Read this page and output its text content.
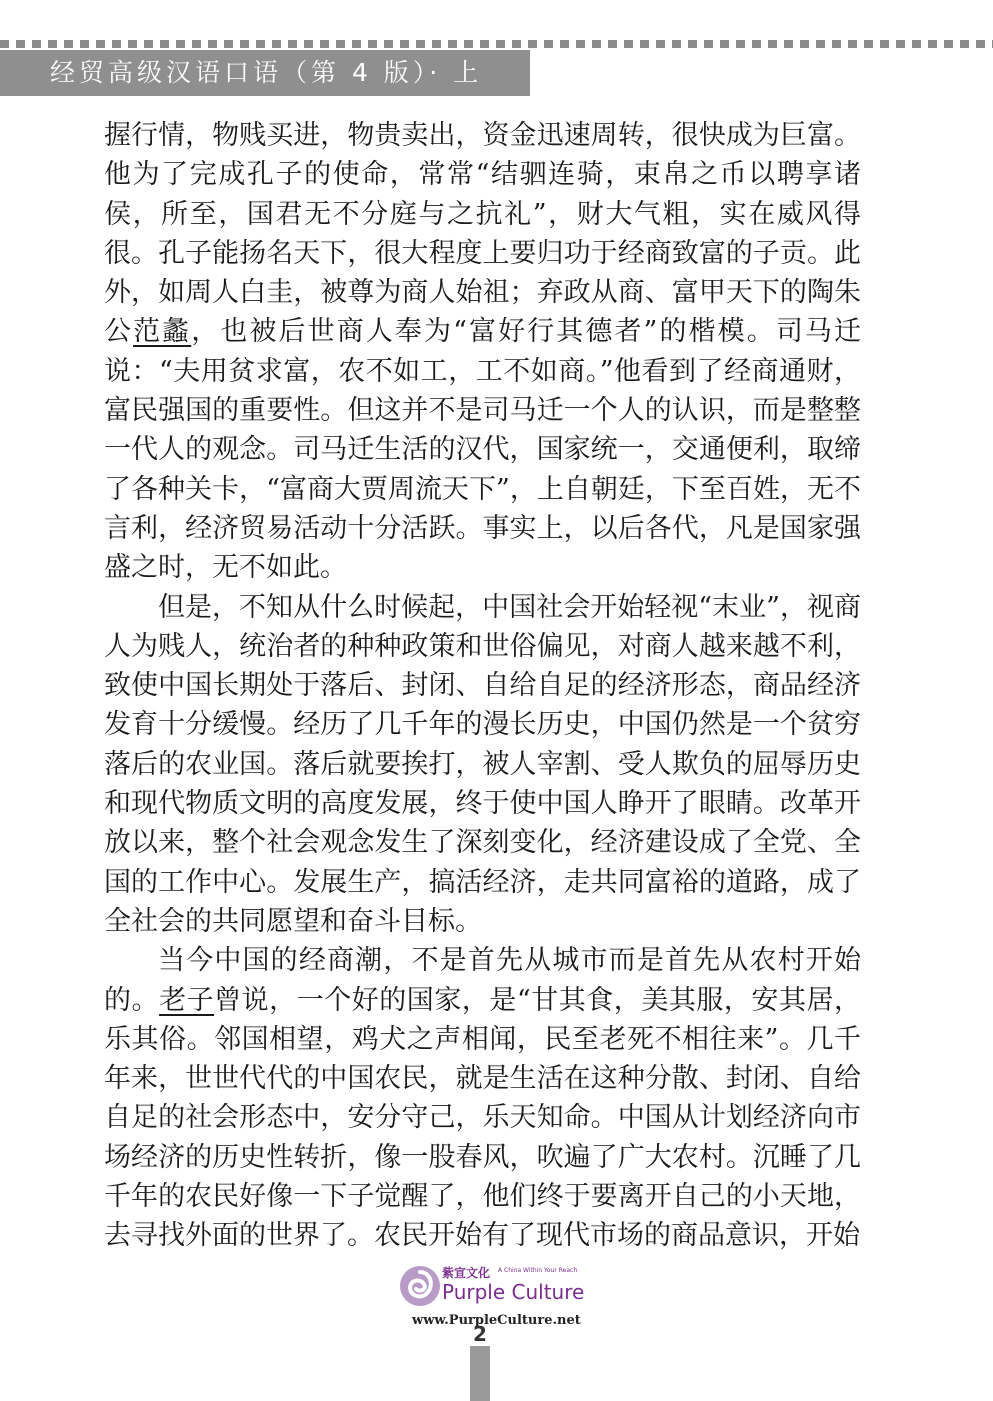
经贸高级汉语口语（第 4 版）· 上

握行情，物贱买进，物贵卖出，资金迅速周转，很快成为巨富。他为了完成孔子的使命，常常“结驷连骑，束帛之币以聘享诸侯，所至，国君无不分庭与之抗礼”，财大气粗，实在威风得很。孔子能扬名天下，很大程度上要归功于经商致富的子贡。此外，如周人白圭，被尊为商人始祖；弃政从商、富甲天下的陶朱公范蠡，也被后世商人奉为“富好行其德者”的楷模。司马迁说：“夫用贫求富，农不如工，工不如商。”他看到了经商通财，富民强国的重要性。但这并不是司马迁一个人的认识，而是整整一代人的观念。司马迁生活的汉代，国家统一，交通便利，取缔了各种关卡，“富商大贾周流天下”，上自朝廷，下至百姓，无不言利，经济贸易活动十分活跃。事实上，以后各代，凡是国家强盛之时，无不如此。

但是，不知从什么时候起，中国社会开始轻视“末业”，视商人为贱人，统治者的种种政策和世俗偏见，对商人越来越不利，致使中国长期处于落后、封闭、自给自足的经济形态，商品经济发育十分缓慢。经历了几千年的漫长历史，中国仍然是一个贫穷落后的农业国。落后就要挨打，被人宰割、受人欺负的屈辱历史和现代物质文明的高度发展，终于使中国人睁开了眼睛。改革开放以来，整个社会观念发生了深刻变化，经济建设成了全党、全国的工作中心。发展生产，搞活经济，走共同富裕的道路，成了全社会的共同愿望和奋斗目标。

当今中国的经商潮，不是首先从城市而是首先从农村开始的。老子曾说，一个好的国家，是“甘其食，美其服，安其居，乐其俗。邻国相望，鸡犬之声相闻，民至老死不相往来”。几千年来，世世代代的中国农民，就是生活在这种分散、封闭、自给自足的社会形态中，安分守己，乐天知命。中国从计划经济向市场经济的历史性转折，像一股春风，吹遍了广大农村。沉睡了几千年的农民好像一下子觉醒了，他们终于要离开自己的小天地，去寻找外面的世界了。农民开始有了现代市场的商品意识，开始

紫宣文化 A China Within Your Reach
Purple Culture
www.PurpleCulture.net
2
